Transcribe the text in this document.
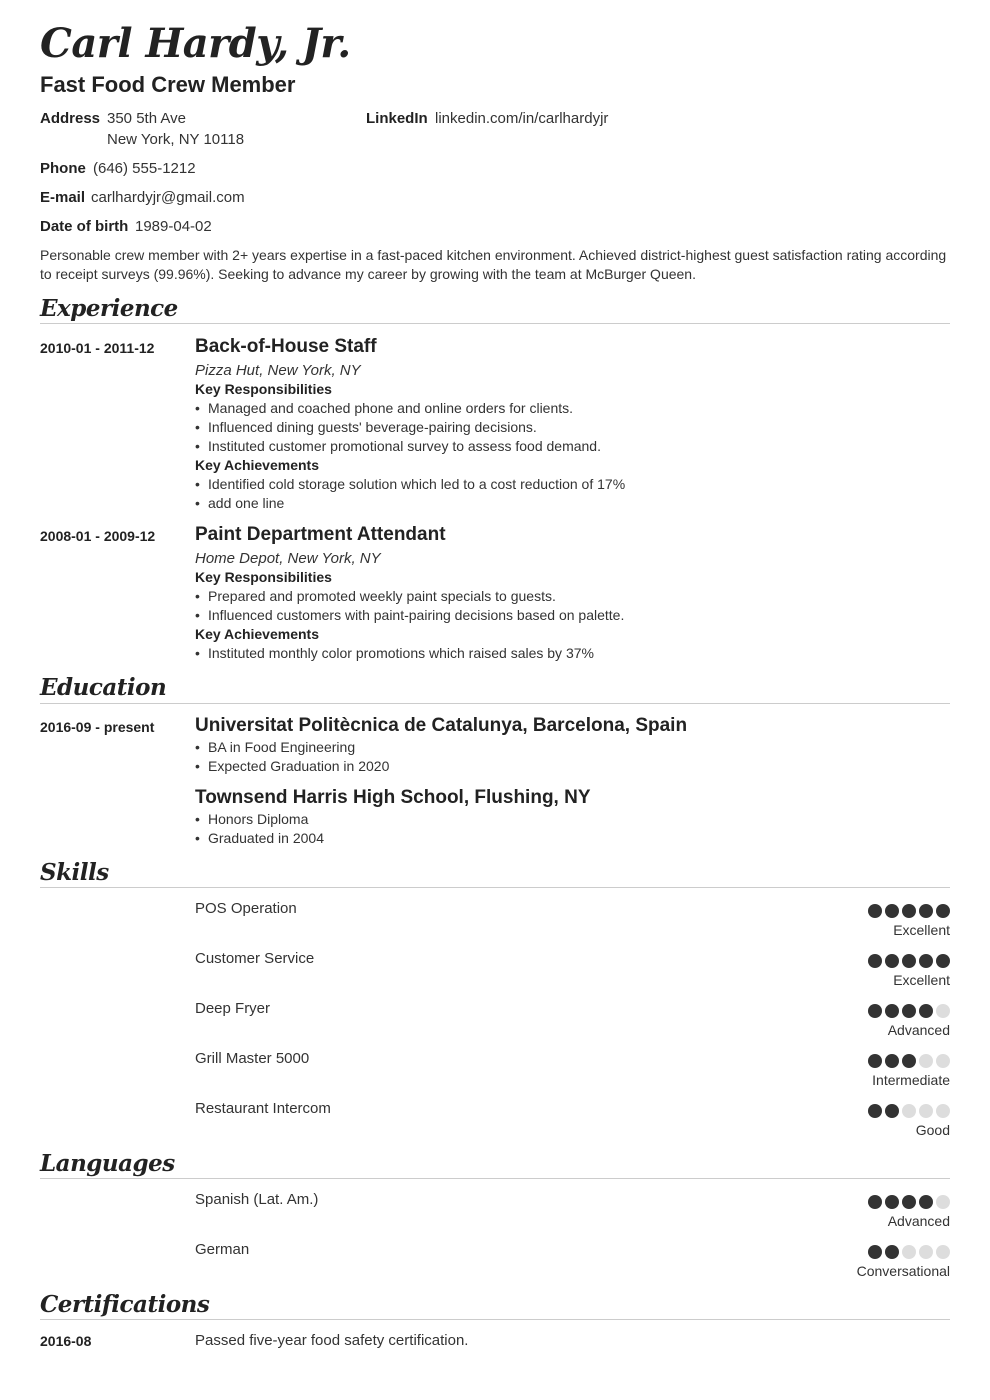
Carl Hardy, Jr.
Fast Food Crew Member
Address 350 5th Ave
New York, NY 10118
LinkedIn linkedin.com/in/carlhardyjr
Phone (646) 555-1212
E-mail carlhardyjr@gmail.com
Date of birth 1989-04-02
Personable crew member with 2+ years expertise in a fast-paced kitchen environment. Achieved district-highest guest satisfaction rating according to receipt surveys (99.96%). Seeking to advance my career by growing with the team at McBurger Queen.
Experience
2010-01 - 2011-12 Back-of-House Staff
Pizza Hut, New York, NY
Key Responsibilities
• Managed and coached phone and online orders for clients.
• Influenced dining guests' beverage-pairing decisions.
• Instituted customer promotional survey to assess food demand.
Key Achievements
• Identified cold storage solution which led to a cost reduction of 17%
• add one line
2008-01 - 2009-12 Paint Department Attendant
Home Depot, New York, NY
Key Responsibilities
• Prepared and promoted weekly paint specials to guests.
• Influenced customers with paint-pairing decisions based on palette.
Key Achievements
• Instituted monthly color promotions which raised sales by 37%
Education
2016-09 - present Universitat Politècnica de Catalunya, Barcelona, Spain
• BA in Food Engineering
• Expected Graduation in 2020
Townsend Harris High School, Flushing, NY
• Honors Diploma
• Graduated in 2004
Skills
POS Operation
Excellent
Customer Service
Excellent
Deep Fryer
Advanced
Grill Master 5000
Intermediate
Restaurant Intercom
Good
Languages
Spanish (Lat. Am.)
Advanced
German
Conversational
Certifications
2016-08	Passed five-year food safety certification.
